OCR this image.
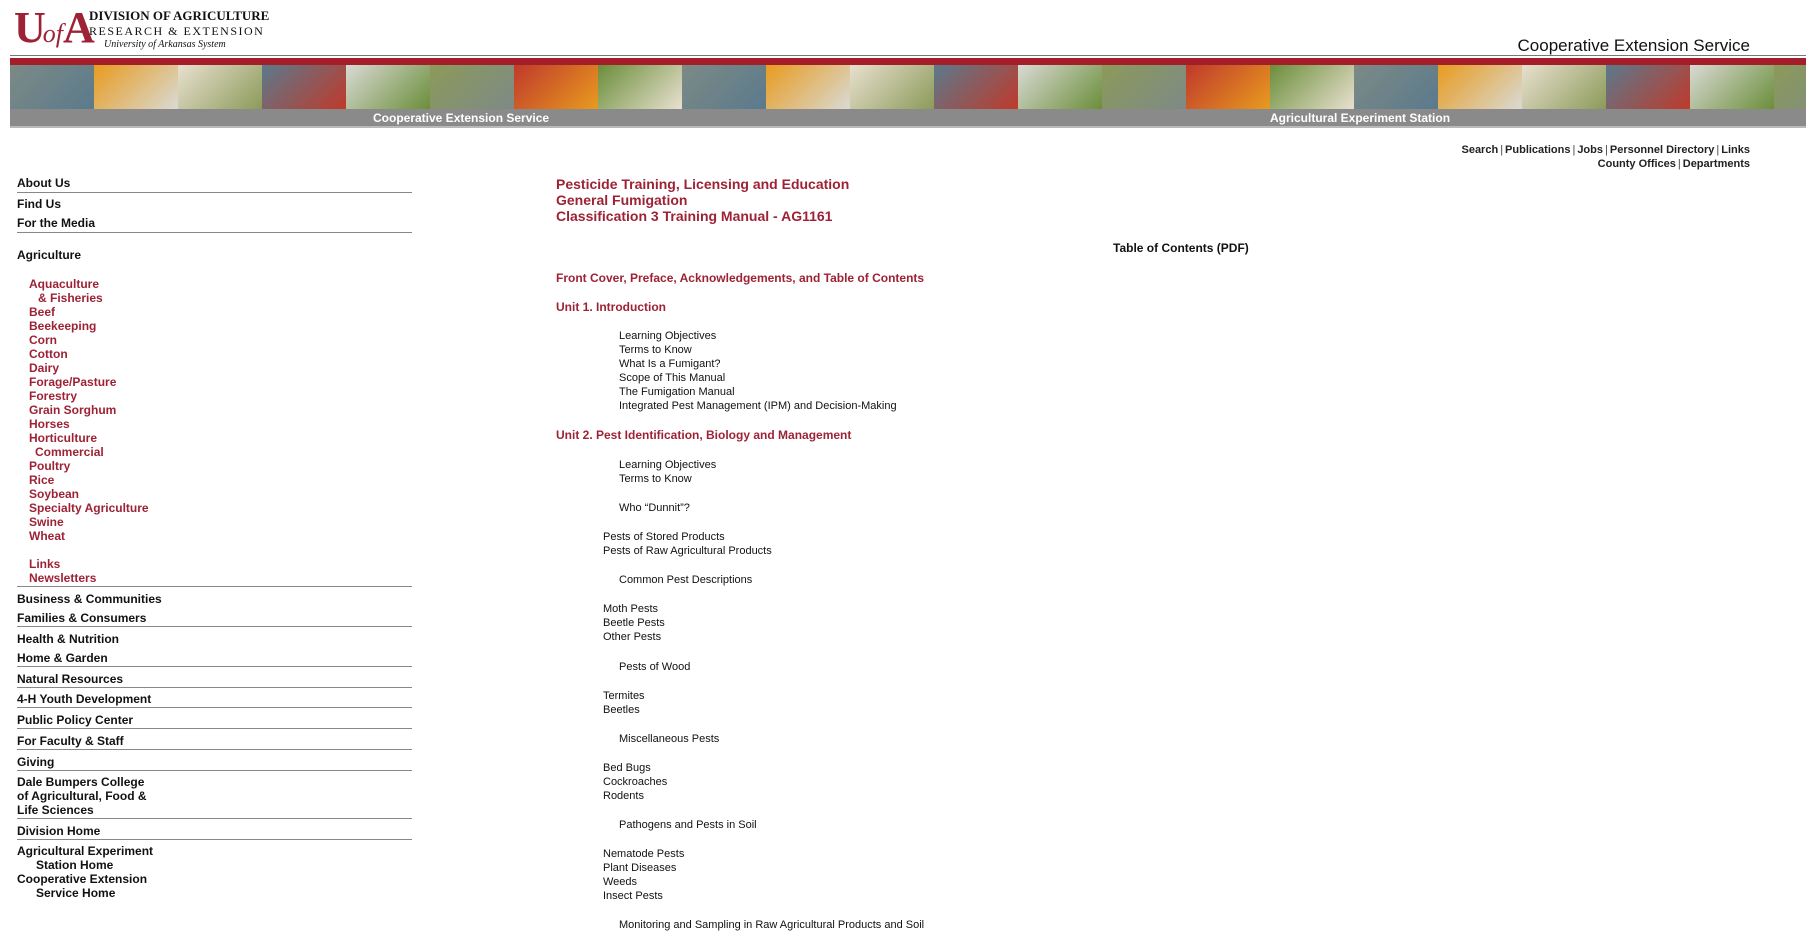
UofA
DIVISION OF AGRICULTURE
RESEARCH & EXTENSION
University of Arkansas System	Cooperative Extension Service
Cooperative Extension Service	Agricultural Experiment Station
Search | Publications | Jobs | Personnel Directory | Links
County Offices | Departments
About Us
Find Us
For the Media
Agriculture
Aquaculture
& Fisheries
Beef
Beekeeping
Corn
Cotton
Dairy
Forage/Pasture
Forestry
Grain Sorghum
Horses
Horticulture
Commercial
Poultry
Rice
Soybean
Specialty Agriculture
Swine
Wheat
Links
Newsletters
Business & Communities
Families & Consumers
Health & Nutrition
Home & Garden
Natural Resources
4-H Youth Development
Public Policy Center
For Faculty & Staff
Giving
Dale Bumpers College
of Agricultural, Food &
Life Sciences
Division Home
Agricultural Experiment
Station Home
Cooperative Extension
Service Home
Pesticide Training, Licensing and Education
General Fumigation
Classification 3 Training Manual - AG1161
Table of Contents (PDF)
Front Cover, Preface, Acknowledgements, and Table of Contents
Unit 1. Introduction
Learning Objectives
Terms to Know
What Is a Fumigant?
Scope of This Manual
The Fumigation Manual
Integrated Pest Management (IPM) and Decision-Making
Unit 2. Pest Identification, Biology and Management
Learning Objectives
Terms to Know
Who “Dunnit”?
Pests of Stored Products
Pests of Raw Agricultural Products
Common Pest Descriptions
Moth Pests
Beetle Pests
Other Pests
Pests of Wood
Termites
Beetles
Miscellaneous Pests
Bed Bugs
Cockroaches
Rodents
Pathogens and Pests in Soil
Nematode Pests
Plant Diseases
Weeds
Insect Pests
Monitoring and Sampling in Raw Agricultural Products and Soil
